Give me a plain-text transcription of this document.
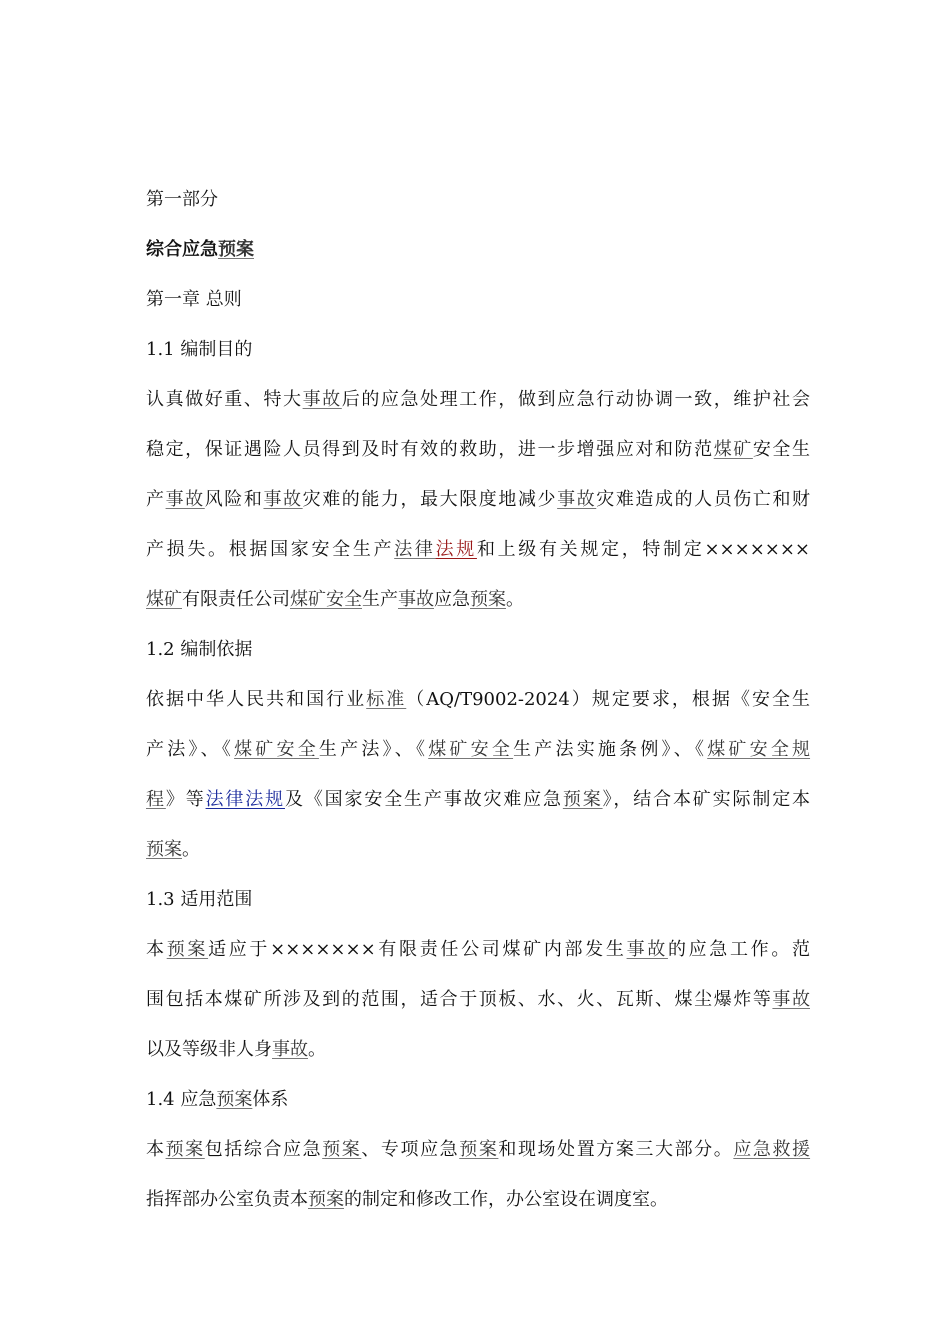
第一部分
综合应急预案
第一章 总则
1.1 编制目的
认真做好重、特大事故后的应急处理工作，做到应急行动协调一致，维护社会
稳定，保证遇险人员得到及时有效的救助，进一步增强应对和防范煤矿安全生
产事故风险和事故灾难的能力，最大限度地减少事故灾难造成的人员伤亡和财
产损失。根据国家安全生产法律法规和上级有关规定，特制定×××××××
煤矿有限责任公司煤矿安全生产事故应急预案。
1.2 编制依据
依据中华人民共和国行业标准（AQ/T9002-2024）规定要求，根据《安全生
产法》、《煤矿安全生产法》、《煤矿安全生产法实施条例》、《煤矿安全规
程》等法律法规及《国家安全生产事故灾难应急预案》，结合本矿实际制定本
预案。
1.3 适用范围
本预案适应于×××××××有限责任公司煤矿内部发生事故的应急工作。范
围包括本煤矿所涉及到的范围，适合于顶板、水、火、瓦斯、煤尘爆炸等事故
以及等级非人身事故。
1.4 应急预案体系
本预案包括综合应急预案、专项应急预案和现场处置方案三大部分。应急救援
指挥部办公室负责本预案的制定和修改工作，办公室设在调度室。
